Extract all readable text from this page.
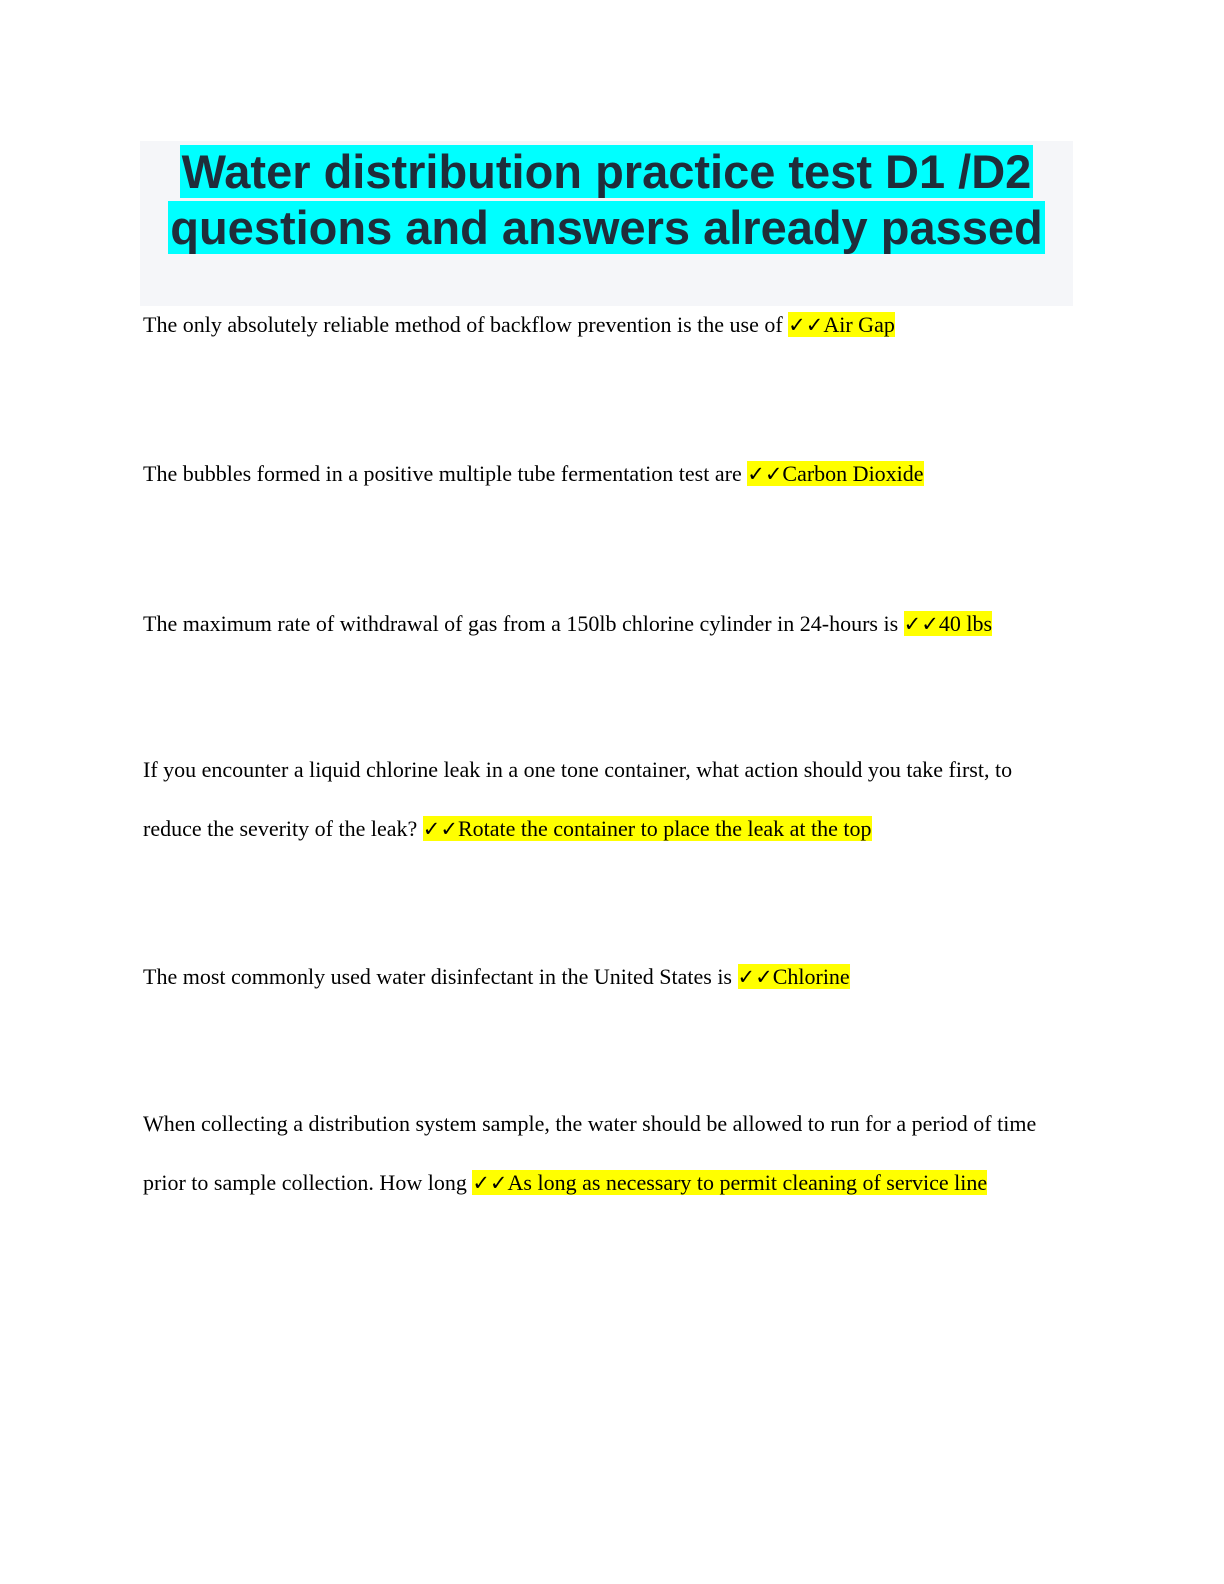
Water distribution practice test D1 /D2
questions and answers already passed

The only absolutely reliable method of backflow prevention is the use of ✓✓Air Gap

The bubbles formed in a positive multiple tube fermentation test are ✓✓Carbon Dioxide

The maximum rate of withdrawal of gas from a 150lb chlorine cylinder in 24-hours is ✓✓40 lbs

If you encounter a liquid chlorine leak in a one tone container, what action should you take first, to reduce the severity of the leak? ✓✓Rotate the container to place the leak at the top

The most commonly used water disinfectant in the United States is ✓✓Chlorine

When collecting a distribution system sample, the water should be allowed to run for a period of time prior to sample collection. How long ✓✓As long as necessary to permit cleaning of service line
